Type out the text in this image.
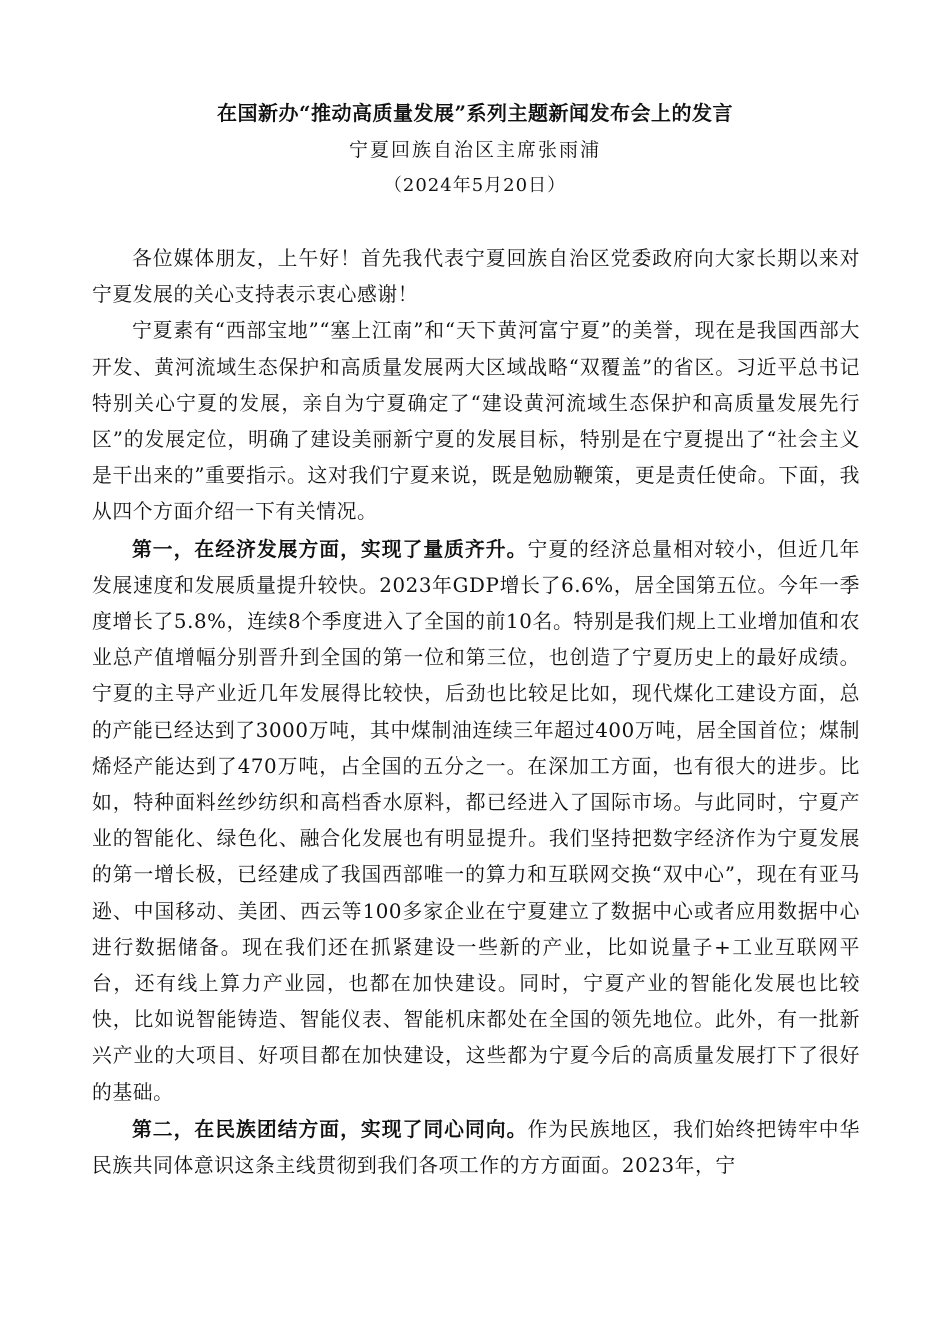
在国新办“推动高质量发展”系列主题新闻发布会上的发言
宁夏回族自治区主席张雨浦
（2024年5月20日）

各位媒体朋友，上午好！首先我代表宁夏回族自治区党委政府向大家长期以来对宁夏发展的关心支持表示衷心感谢！

宁夏素有“西部宝地”“塞上江南”和“天下黄河富宁夏”的美誉，现在是我国西部大开发、黄河流域生态保护和高质量发展两大区域战略“双覆盖”的省区。习近平总书记特别关心宁夏的发展，亲自为宁夏确定了“建设黄河流域生态保护和高质量发展先行区”的发展定位，明确了建设美丽新宁夏的发展目标，特别是在宁夏提出了“社会主义是干出来的”重要指示。这对我们宁夏来说，既是勉励鞭策，更是责任使命。下面，我从四个方面介绍一下有关情况。

第一，在经济发展方面，实现了量质齐升。宁夏的经济总量相对较小，但近几年发展速度和发展质量提升较快。2023年GDP增长了6.6%，居全国第五位。今年一季度增长了5.8%，连续8个季度进入了全国的前10名。特别是我们规上工业增加值和农业总产值增幅分别晋升到全国的第一位和第三位，也创造了宁夏历史上的最好成绩。宁夏的主导产业近几年发展得比较快，后劲也比较足比如，现代煤化工建设方面，总的产能已经达到了3000万吨，其中煤制油连续三年超过400万吨，居全国首位；煤制烯烃产能达到了470万吨，占全国的五分之一。在深加工方面，也有很大的进步。比如，特种面料丝纱纺织和高档香水原料，都已经进入了国际市场。与此同时，宁夏产业的智能化、绿色化、融合化发展也有明显提升。我们坚持把数字经济作为宁夏发展的第一增长极，已经建成了我国西部唯一的算力和互联网交换“双中心”，现在有亚马逊、中国移动、美团、西云等100多家企业在宁夏建立了数据中心或者应用数据中心进行数据储备。现在我们还在抓紧建设一些新的产业，比如说量子+工业互联网平台，还有线上算力产业园，也都在加快建设。同时，宁夏产业的智能化发展也比较快，比如说智能铸造、智能仪表、智能机床都处在全国的领先地位。此外，有一批新兴产业的大项目、好项目都在加快建设，这些都为宁夏今后的高质量发展打下了很好的基础。

第二，在民族团结方面，实现了同心同向。作为民族地区，我们始终把铸牢中华民族共同体意识这条主线贯彻到我们各项工作的方方面面。2023年，宁
